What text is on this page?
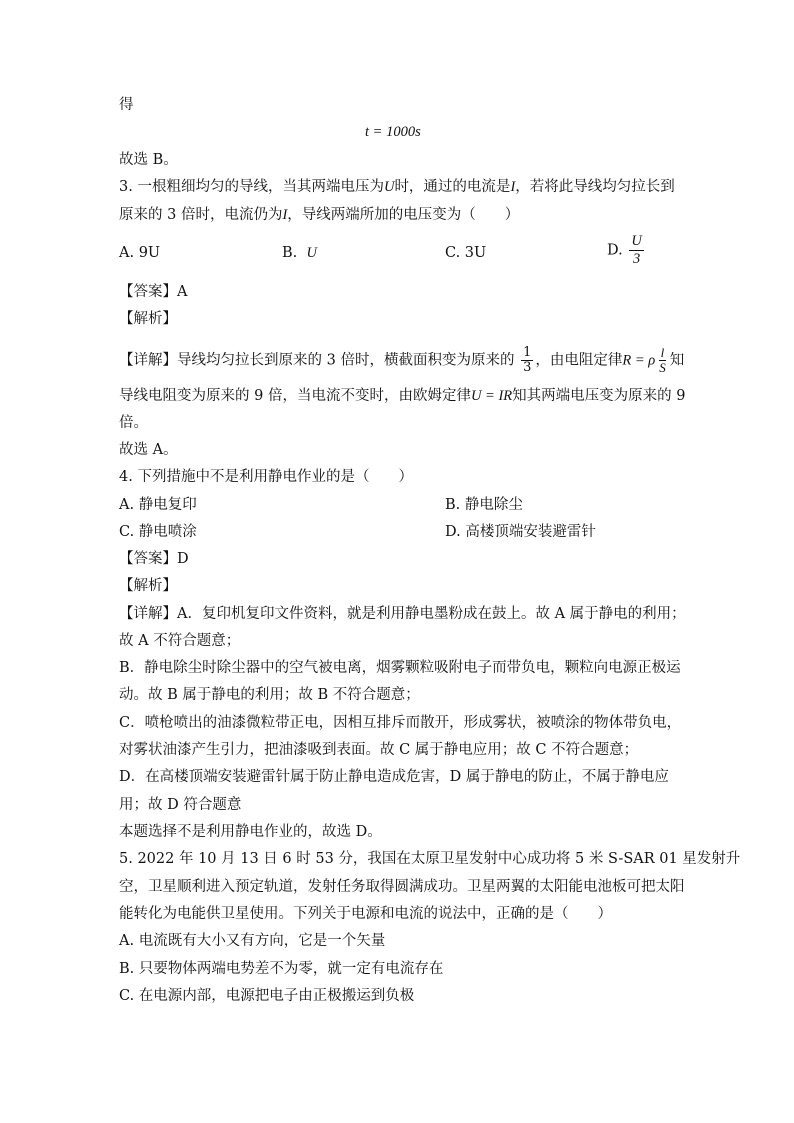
得
t = 1000s
故选 B。
3. 一根粗细均匀的导线，当其两端电压为U时，通过的电流是I，若将此导线均匀拉长到
原来的 3 倍时，电流仍为I，导线两端所加的电压变为（　　）
A. 9U	B. U	C. 3U	D. $\frac{U}{3}$
【答案】A
【解析】
【详解】导线均匀拉长到原来的 3 倍时，横截面积变为原来的 $\frac{1}{3}$ ，由电阻定律R = ρ $\frac{l}{S}$ 知
导线电阻变为原来的 9 倍，当电流不变时，由欧姆定律U = IR知其两端电压变为原来的 9
倍。
故选 A。
4. 下列措施中不是利用静电作业的是（　　）
A. 静电复印	B. 静电除尘
C. 静电喷涂	D. 高楼顶端安装避雷针
【答案】D
【解析】
【详解】A．复印机复印文件资料，就是利用静电墨粉成在鼓上。故 A 属于静电的利用；
故 A 不符合题意；
B．静电除尘时除尘器中的空气被电离，烟雾颗粒吸附电子而带负电，颗粒向电源正极运
动。故 B 属于静电的利用；故 B 不符合题意；
C．喷枪喷出的油漆微粒带正电，因相互排斥而散开，形成雾状，被喷涂的物体带负电，
对雾状油漆产生引力，把油漆吸到表面。故 C 属于静电应用；故 C 不符合题意；
D．在高楼顶端安装避雷针属于防止静电造成危害，D 属于静电的防止，不属于静电应
用；故 D 符合题意
本题选择不是利用静电作业的，故选 D。
5. 2022 年 10 月 13 日 6 时 53 分，我国在太原卫星发射中心成功将 5 米 S-SAR 01 星发射升
空，卫星顺利进入预定轨道，发射任务取得圆满成功。卫星两翼的太阳能电池板可把太阳
能转化为电能供卫星使用。下列关于电源和电流的说法中，正确的是（　　）
A. 电流既有大小又有方向，它是一个矢量
B. 只要物体两端电势差不为零，就一定有电流存在
C. 在电源内部，电源把电子由正极搬运到负极
